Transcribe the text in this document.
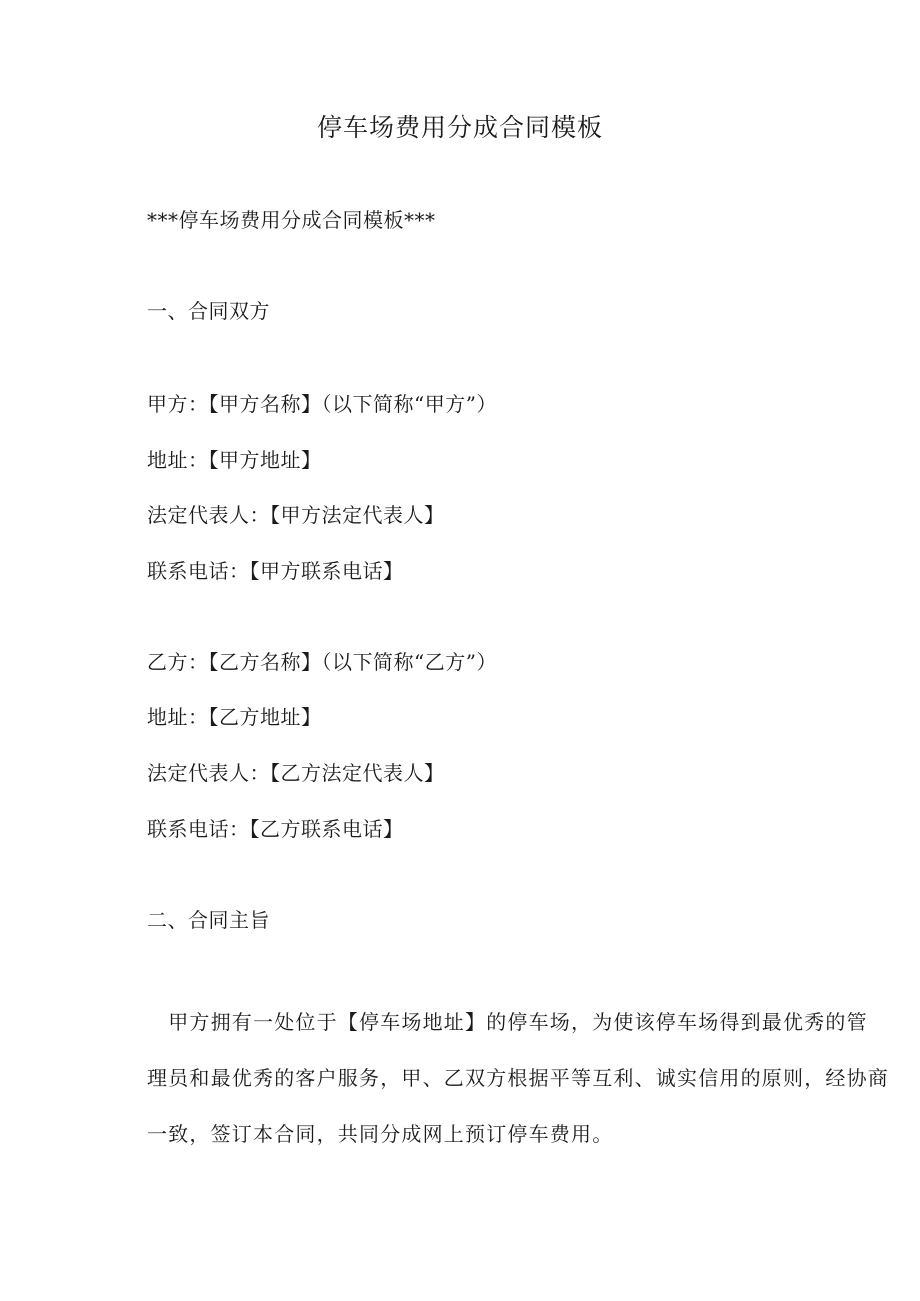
停车场费用分成合同模板
***停车场费用分成合同模板***
一、合同双方
甲方：【甲方名称】（以下简称“甲方”）
地址：【甲方地址】
法定代表人：【甲方法定代表人】
联系电话：【甲方联系电话】
乙方：【乙方名称】（以下简称“乙方”）
地址：【乙方地址】
法定代表人：【乙方法定代表人】
联系电话：【乙方联系电话】
二、合同主旨
　甲方拥有一处位于【停车场地址】的停车场，为使该停车场得到最优秀的管
理员和最优秀的客户服务，甲、乙双方根据平等互利、诚实信用的原则，经协商
一致，签订本合同，共同分成网上预订停车费用。
